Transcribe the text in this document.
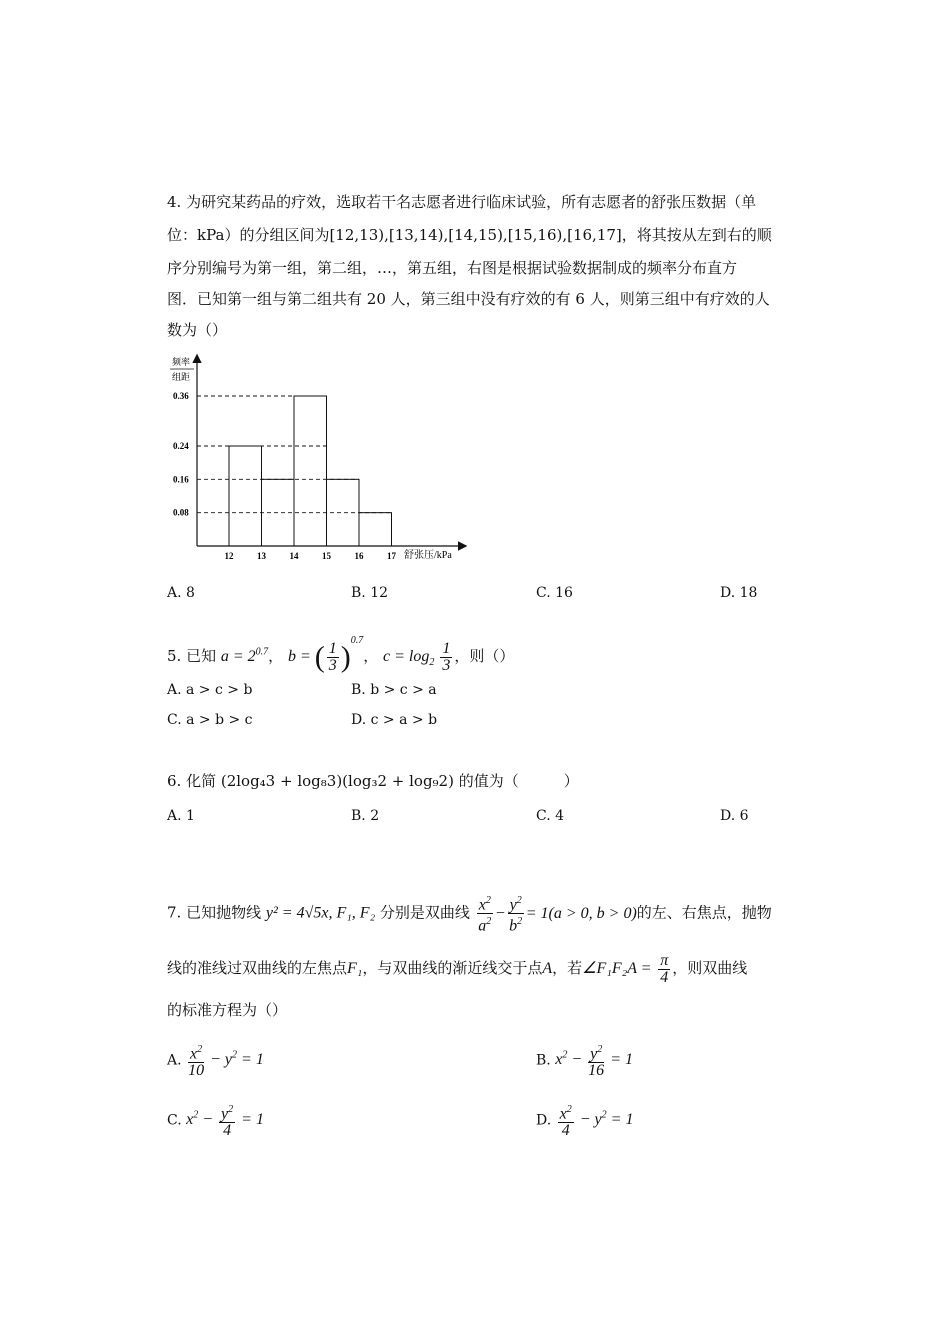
4. 为研究某药品的疗效，选取若干名志愿者进行临床试验，所有志愿者的舒张压数据（单
位：kPa）的分组区间为[12,13),[13,14),[14,15),[15,16),[16,17]，将其按从左到右的顺
序分别编号为第一组，第二组，…，第五组，右图是根据试验数据制成的频率分布直方
图．已知第一组与第二组共有 20 人，第三组中没有疗效的有 6 人，则第三组中有疗效的人
数为（）
频率
组距
舒张压/kPa
0.08
0.16
0.24
0.36
12	13	14	15	16	17
A. 8	B. 12	C. 16	D. 18
5. 已知 $a = 2^{0.7}$， b = ( $\frac{1}{3} )^{0.7}$， $c = \log_2 \frac{1}{3}$ ，则（）
A. a > c > b	B. b > c > a
C. a > b > c	D. c > a > b
6. 化简 (2log₄3 + log₈3)(log₃2 + log₉2) 的值为（　　　）
A. 1	B. 2	C. 4	D. 6
7. 已知抛物线 y² = 4√5x, F₁, F₂ 分别是双曲线 $\frac{x^2}{a^2} - \frac{y^2}{b^2} = 1(a > 0$, b > 0)的左、右焦点，抛物
线的准线过双曲线的左焦点F₁，与双曲线的渐近线交于点A，若∠F₁F₂A = $\frac{\pi}{4}$ ，则双曲线
的标准方程为（）
A. $\frac{x^2}{10} - y^2 = 1$	B. $x^2 - \frac{y^2}{16} = 1$
C. $x^2 - \frac{y^2}{4} = 1$	D. $\frac{x^2}{4} - y^2 = 1$
